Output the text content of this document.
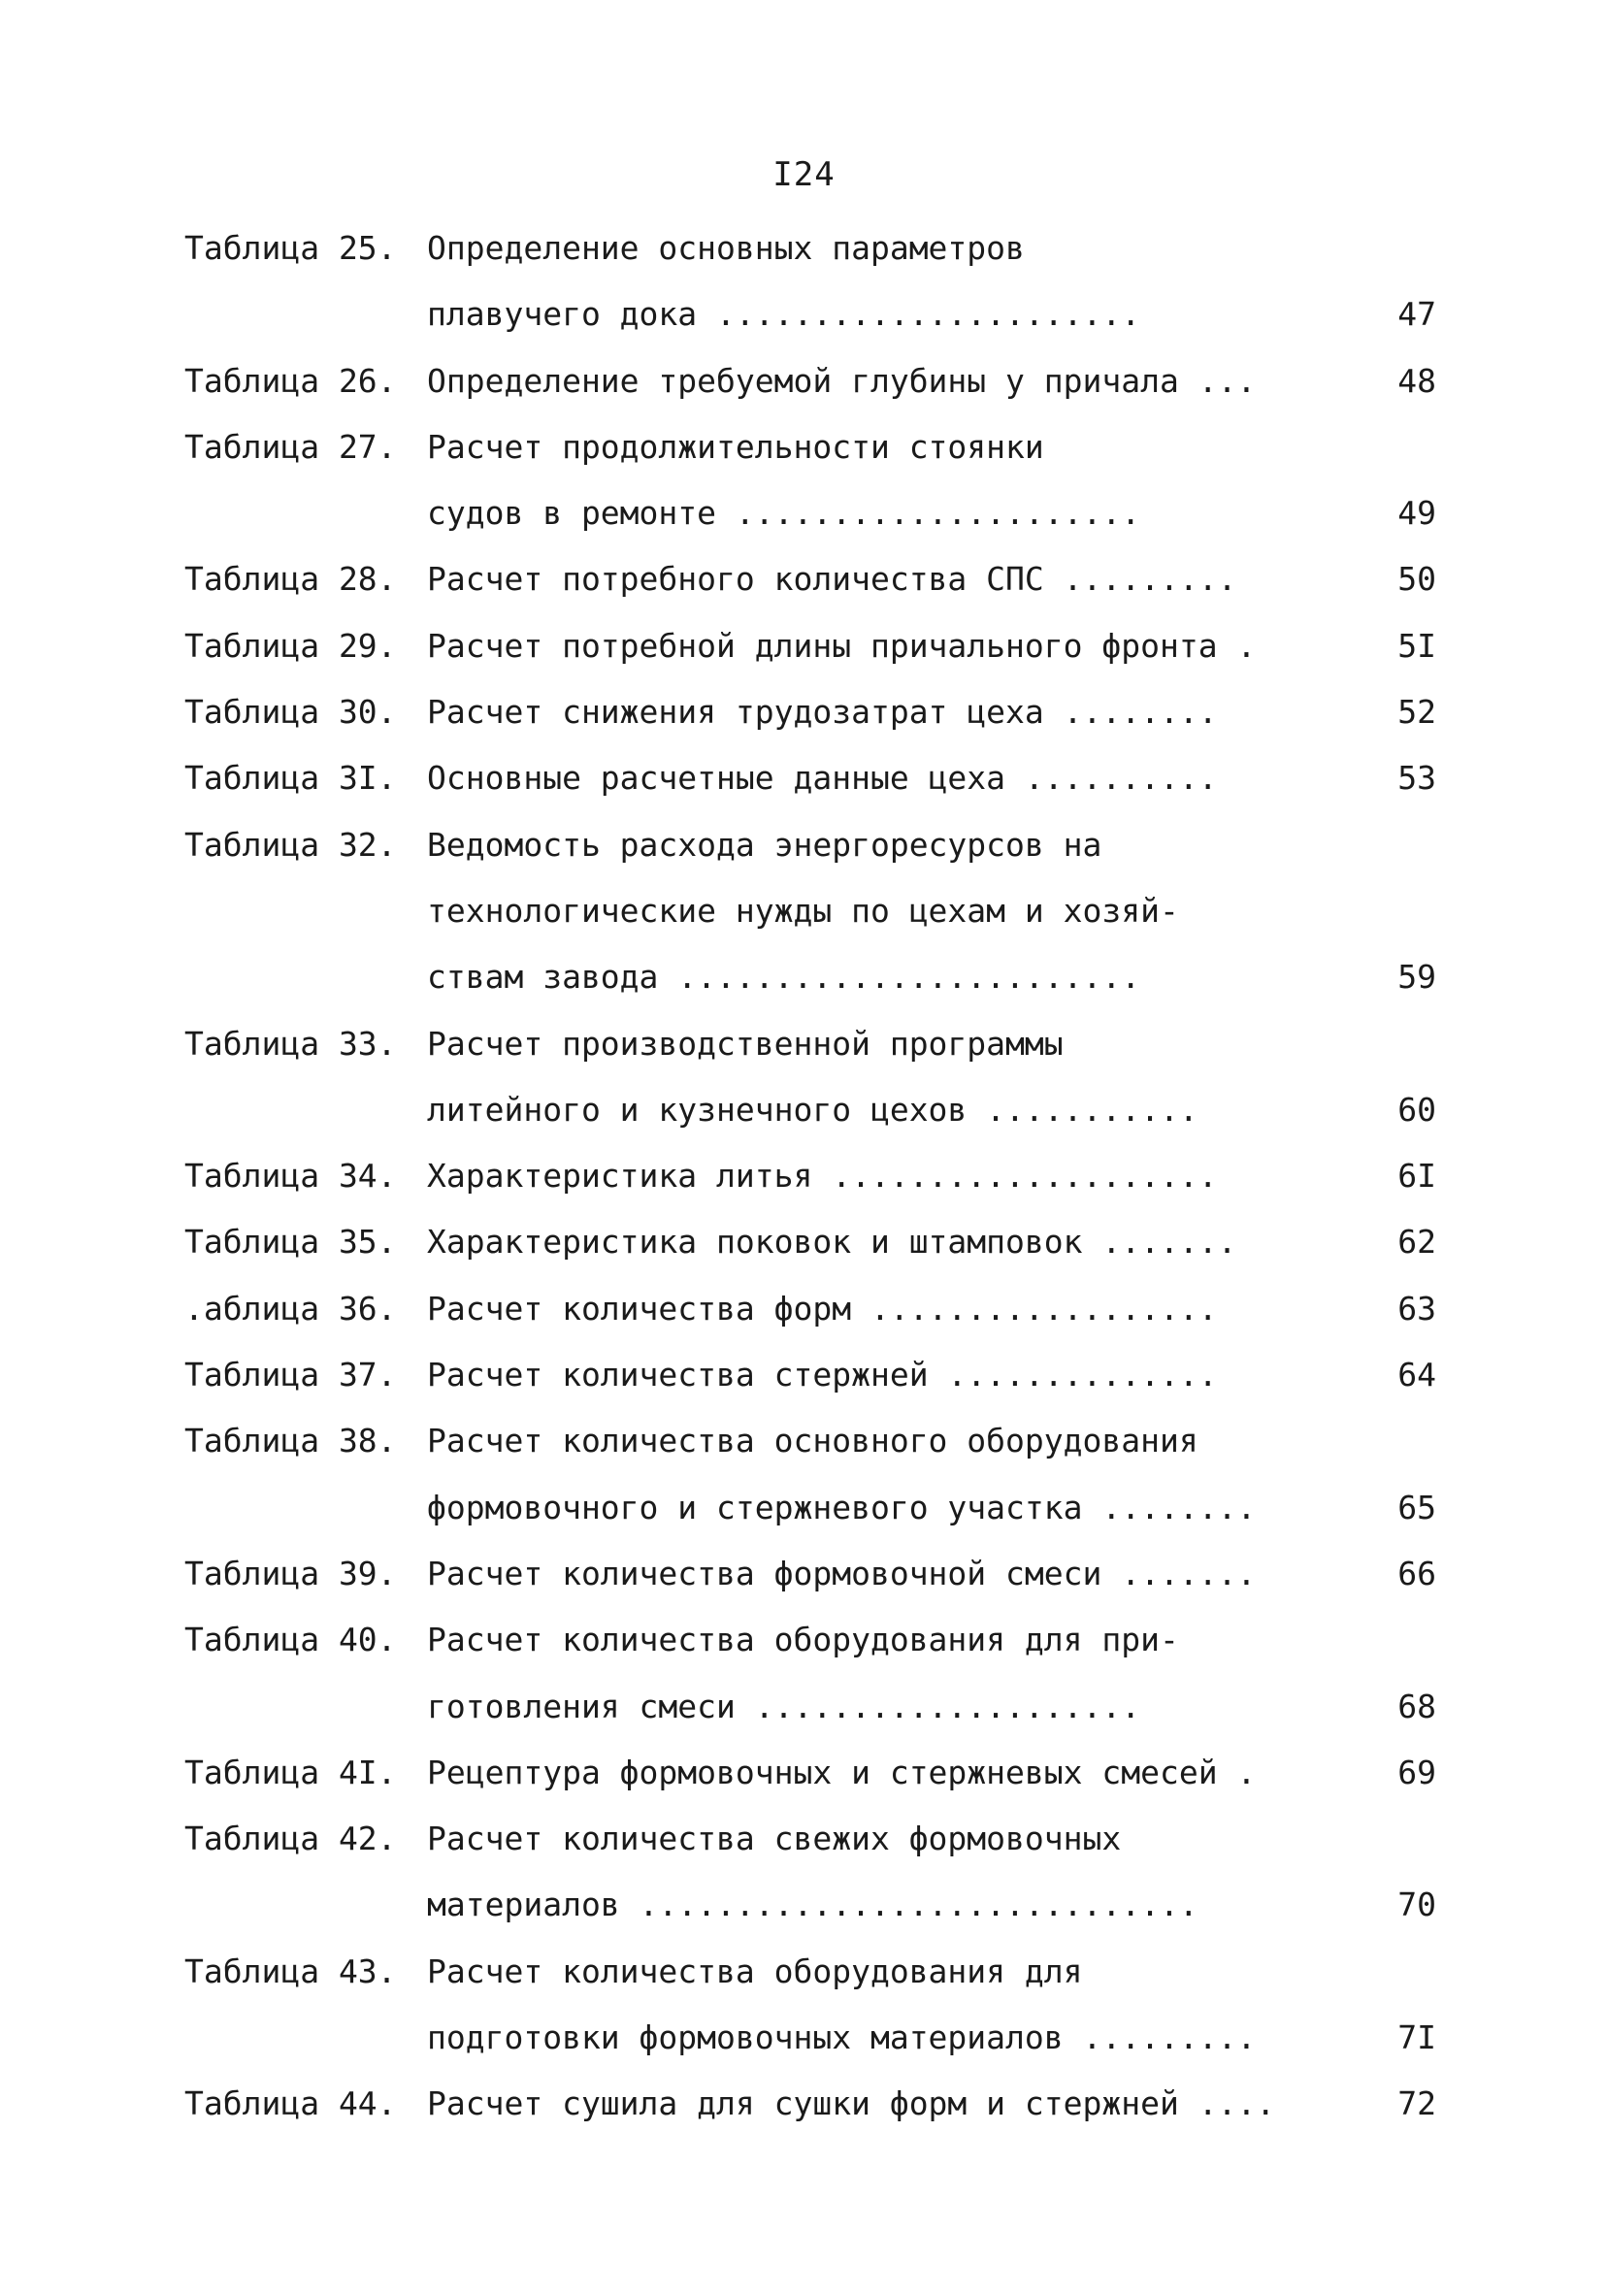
I24
Таблица 25. Определение основных параметров
плавучего дока ......................	47
Таблица 26. Определение требуемой глубины у причала ...	48
Таблица 27. Расчет продолжительности стоянки
судов в ремонте .....................	49
Таблица 28. Расчет потребного количества СПС .........	50
Таблица 29. Расчет потребной длины причального фронта .	5I
Таблица 30. Расчет снижения трудозатрат цеха ........	52
Таблица 3I. Основные расчетные данные цеха ..........	53
Таблица 32. Ведомость расхода энергоресурсов на
технологические нужды по цехам и хозяй-
ствам завода ........................	59
Таблица 33. Расчет производственной программы
литейного и кузнечного цехов ...........	60
Таблица 34. Характеристика литья ....................	6I
Таблица 35. Характеристика поковок и штамповок .......	62
.аблица 36. Расчет количества форм ..................	63
Таблица 37. Расчет количества стержней ..............	64
Таблица 38. Расчет количества основного оборудования
формовочного и стержневого участка ........	65
Таблица 39. Расчет количества формовочной смеси .......	66
Таблица 40. Расчет количества оборудования для при-
готовления смеси ....................	68
Таблица 4I. Рецептура формовочных и стержневых смесей .	69
Таблица 42. Расчет количества свежих формовочных
материалов .............................	70
Таблица 43. Расчет количества оборудования для
подготовки формовочных материалов .........	7I
Таблица 44. Расчет сушила для сушки форм и стержней ....	72
